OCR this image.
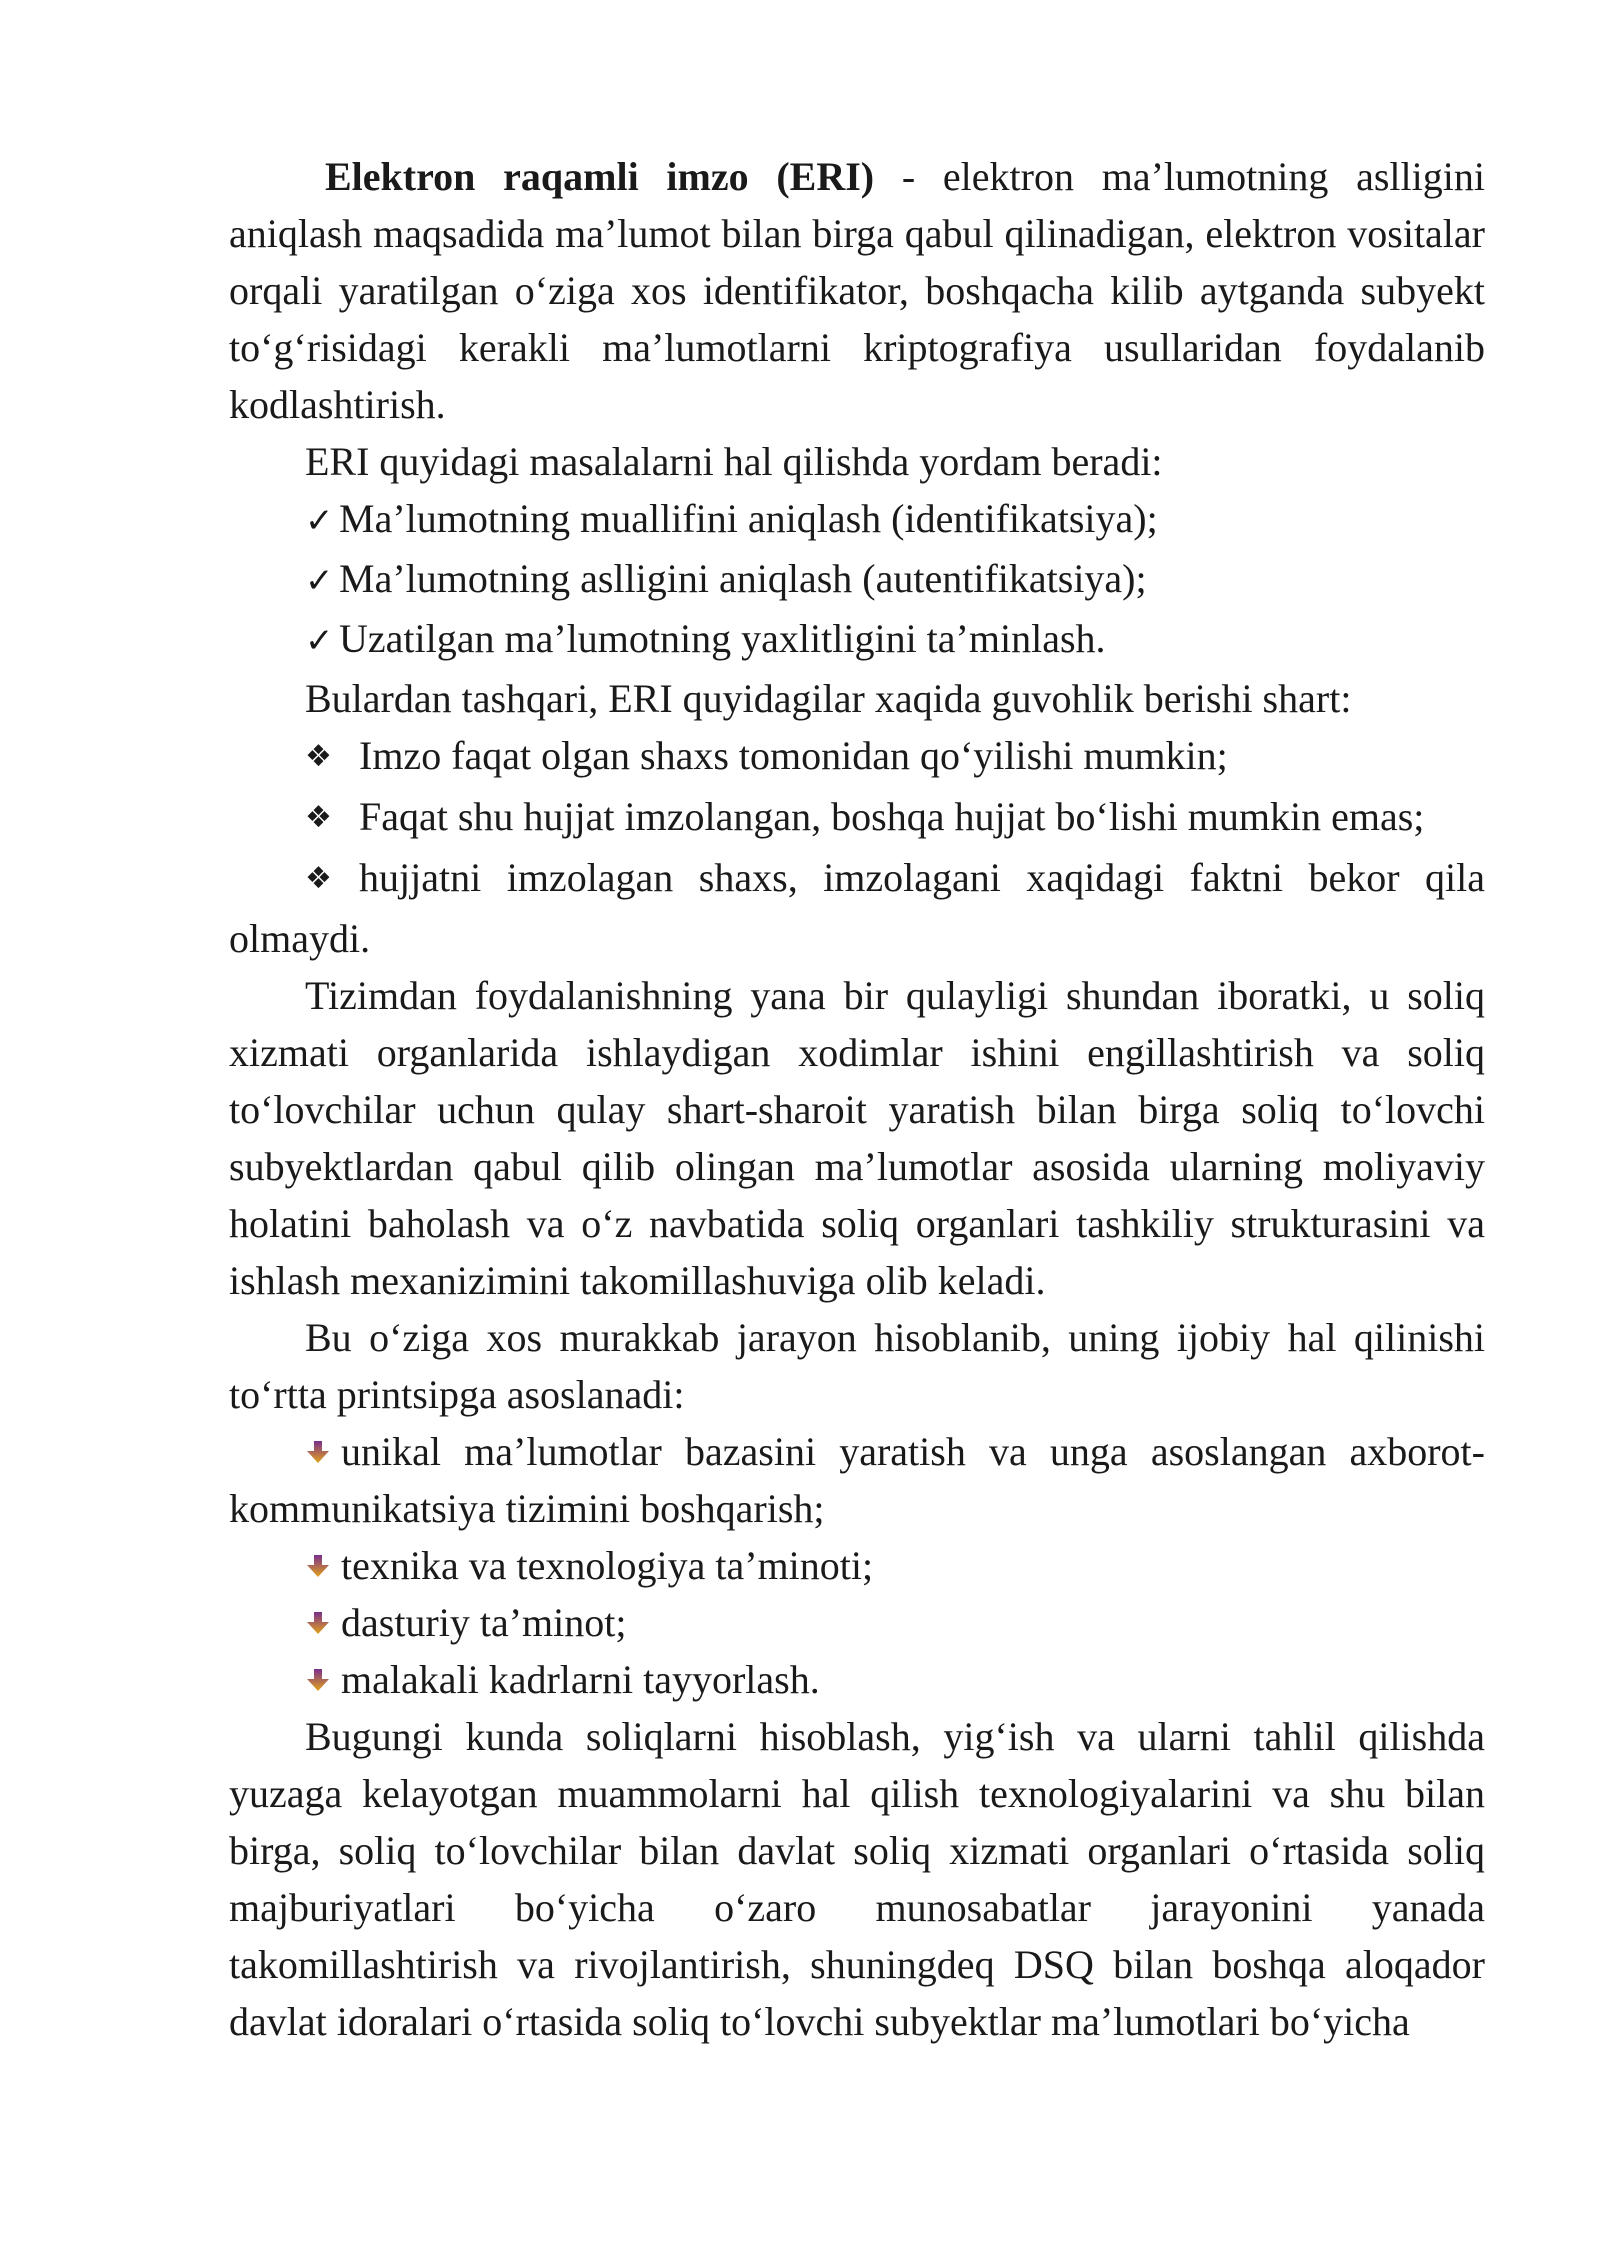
Elektron raqamli imzo (ERI) - elektron ma’lumotning aslligini aniqlash maqsadida ma’lumot bilan birga qabul qilinadigan, elektron vositalar orqali yaratilgan o‘ziga xos identifikator, boshqacha kilib aytganda subyekt to‘g‘risidagi kerakli ma’lumotlarni kriptografiya usullaridan foydalanib kodlashtirish.

ERI quyidagi masalalarni hal qilishda yordam beradi:

✓ Ma’lumotning muallifini aniqlash (identifikatsiya);

✓ Ma’lumotning aslligini aniqlash (autentifikatsiya);

✓ Uzatilgan ma’lumotning yaxlitligini ta’minlash.

Bulardan tashqari, ERI quyidagilar xaqida guvohlik berishi shart:

❖ Imzo faqat olgan shaxs tomonidan qo‘yilishi mumkin;

❖ Faqat shu hujjat imzolangan, boshqa hujjat bo‘lishi mumkin emas;

❖ hujjatni imzolagan shaxs, imzolagani xaqidagi faktni bekor qila olmaydi.

Tizimdan foydalanishning yana bir qulayligi shundan iboratki, u soliq xizmati organlarida ishlaydigan xodimlar ishini engillashtirish va soliq to‘lovchilar uchun qulay shart-sharoit yaratish bilan birga soliq to‘lovchi subyektlardan qabul qilib olingan ma’lumotlar asosida ularning moliyaviy holatini baholash va o‘z navbatida soliq organlari tashkiliy strukturasini va ishlash mexanizimini takomillashuviga olib keladi.

Bu o‘ziga xos murakkab jarayon hisoblanib, uning ijobiy hal qilinishi to‘rtta printsipga asoslanadi:

unikal ma’lumotlar bazasini yaratish va unga asoslangan axborot-kommunikatsiya tizimini boshqarish;

texnika va texnologiya ta’minoti;

dasturiy ta’minot;

malakali kadrlarni tayyorlash.

Bugungi kunda soliqlarni hisoblash, yig‘ish va ularni tahlil qilishda yuzaga kelayotgan muammolarni hal qilish texnologiyalarini va shu bilan birga, soliq to‘lovchilar bilan davlat soliq xizmati organlari o‘rtasida soliq majburiyatlari bo‘yicha o‘zaro munosabatlar jarayonini yanada takomillashtirish va rivojlantirish, shuningdeq DSQ bilan boshqa aloqador davlat idoralari o‘rtasida soliq to‘lovchi subyektlar ma’lumotlari bo‘yicha
